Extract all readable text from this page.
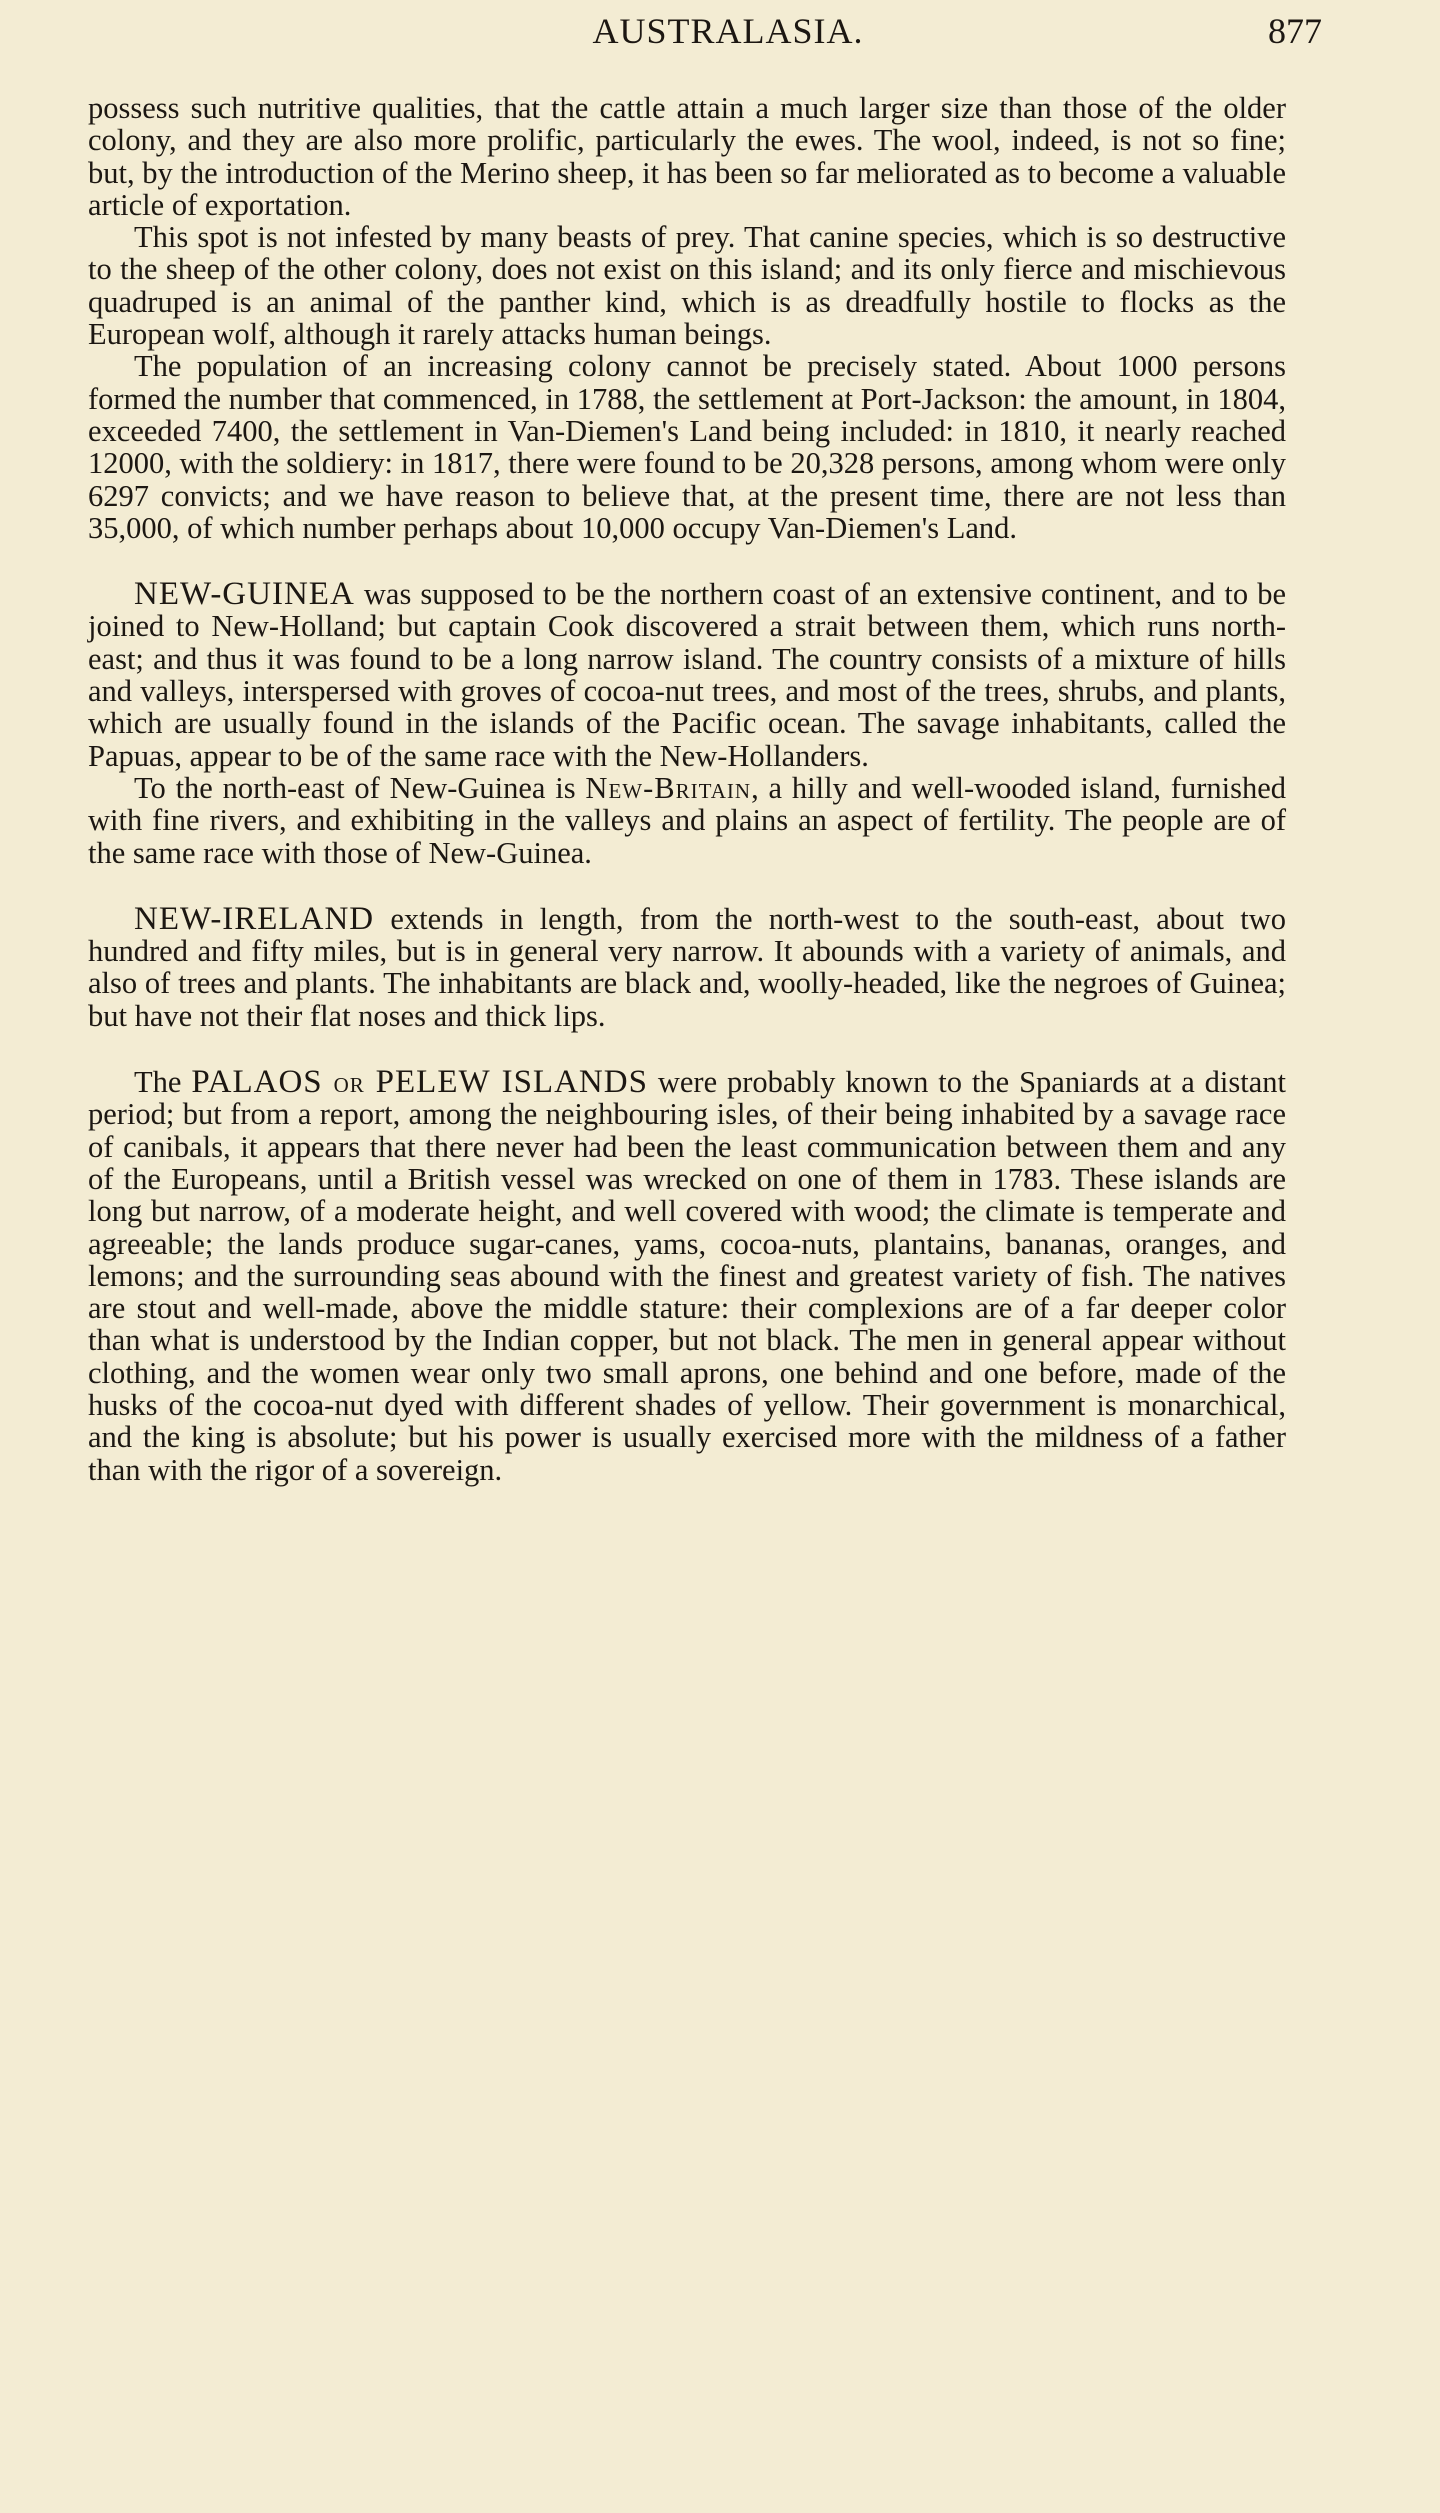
AUSTRALASIA.	877

possess such nutritive qualities, that the cattle attain a much larger size than those of the older colony, and they are also more prolific, particularly the ewes. The wool, indeed, is not so fine; but, by the introduction of the Merino sheep, it has been so far meliorated as to become a valuable article of exportation.

This spot is not infested by many beasts of prey. That canine species, which is so destructive to the sheep of the other colony, does not exist on this island; and its only fierce and mischievous quadruped is an animal of the panther kind, which is as dreadfully hostile to flocks as the European wolf, although it rarely attacks human beings.

The population of an increasing colony cannot be precisely stated. About 1000 persons formed the number that commenced, in 1788, the settlement at Port-Jackson: the amount, in 1804, exceeded 7400, the settlement in Van-Diemen's Land being included: in 1810, it nearly reached 12000, with the soldiery: in 1817, there were found to be 20,328 persons, among whom were only 6297 convicts; and we have reason to believe that, at the present time, there are not less than 35,000, of which number perhaps about 10,000 occupy Van-Diemen's Land.

NEW-GUINEA was supposed to be the northern coast of an extensive continent, and to be joined to New-Holland; but captain Cook discovered a strait between them, which runs north-east; and thus it was found to be a long narrow island. The country consists of a mixture of hills and valleys, interspersed with groves of cocoa-nut trees, and most of the trees, shrubs, and plants, which are usually found in the islands of the Pacific ocean. The savage inhabitants, called the Papuas, appear to be of the same race with the New-Hollanders.

To the north-east of New-Guinea is New-Britain, a hilly and well-wooded island, furnished with fine rivers, and exhibiting in the valleys and plains an aspect of fertility. The people are of the same race with those of New-Guinea.

NEW-IRELAND extends in length, from the north-west to the south-east, about two hundred and fifty miles, but is in general very narrow. It abounds with a variety of animals, and also of trees and plants. The inhabitants are black and, woolly-headed, like the negroes of Guinea; but have not their flat noses and thick lips.

The PALAOS or PELEW ISLANDS were probably known to the Spaniards at a distant period; but from a report, among the neighbouring isles, of their being inhabited by a savage race of canibals, it appears that there never had been the least communication between them and any of the Europeans, until a British vessel was wrecked on one of them in 1783. These islands are long but narrow, of a moderate height, and well covered with wood; the climate is temperate and agreeable; the lands produce sugar-canes, yams, cocoa-nuts, plantains, bananas, oranges, and lemons; and the surrounding seas abound with the finest and greatest variety of fish. The natives are stout and well-made, above the middle stature: their complexions are of a far deeper color than what is understood by the Indian copper, but not black. The men in general appear without clothing, and the women wear only two small aprons, one behind and one before, made of the husks of the cocoa-nut dyed with different shades of yellow. Their government is monarchical, and the king is absolute; but his power is usually exercised more with the mildness of a father than with the rigor of a sovereign.
